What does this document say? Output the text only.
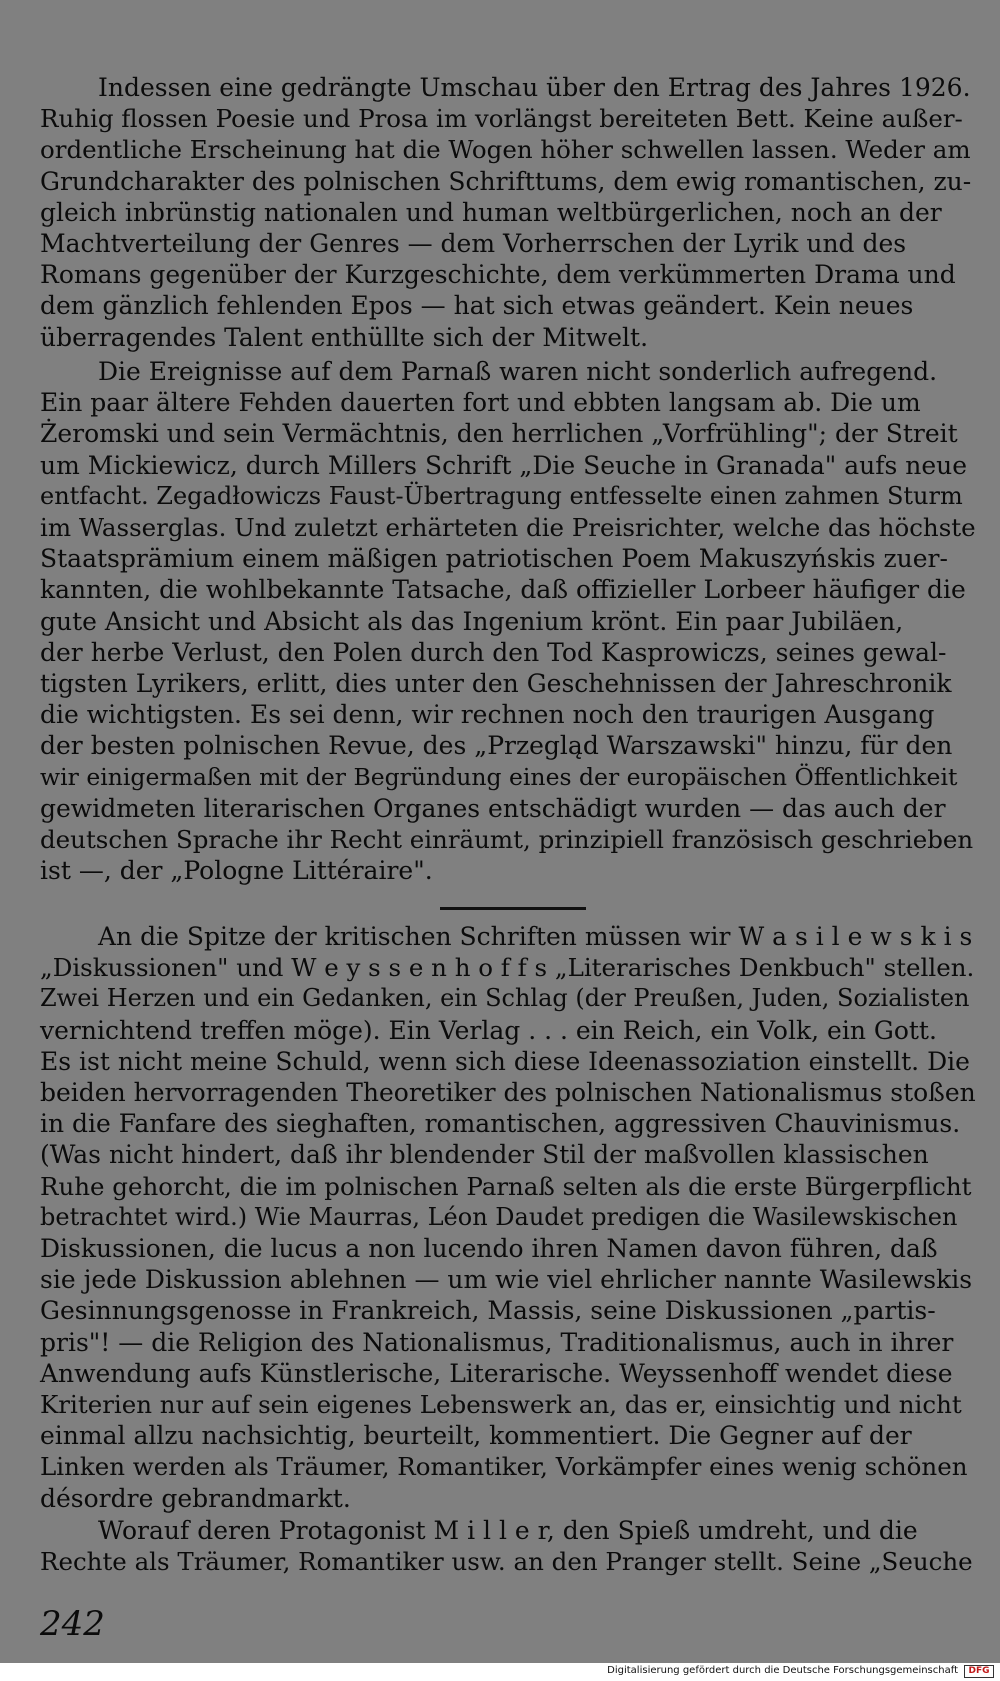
Indessen eine gedrängte Umschau über den Ertrag des Jahres 1926.
Ruhig flossen Poesie und Prosa im vorlängst bereiteten Bett. Keine außer-
ordentliche Erscheinung hat die Wogen höher schwellen lassen. Weder am
Grundcharakter des polnischen Schrifttums, dem ewig romantischen, zu-
gleich inbrünstig nationalen und human weltbürgerlichen, noch an der
Machtverteilung der Genres — dem Vorherrschen der Lyrik und des
Romans gegenüber der Kurzgeschichte, dem verkümmerten Drama und
dem gänzlich fehlenden Epos — hat sich etwas geändert. Kein neues
überragendes Talent enthüllte sich der Mitwelt.

Die Ereignisse auf dem Parnaß waren nicht sonderlich aufregend.
Ein paar ältere Fehden dauerten fort und ebbten langsam ab. Die um
Żeromski und sein Vermächtnis, den herrlichen „Vorfrühling"; der Streit
um Mickiewicz, durch Millers Schrift „Die Seuche in Granada" aufs neue
entfacht. Zegadłowiczs Faust-Übertragung entfesselte einen zahmen Sturm
im Wasserglas. Und zuletzt erhärteten die Preisrichter, welche das höchste
Staatsprämium einem mäßigen patriotischen Poem Makuszyńskis zuer-
kannten, die wohlbekannte Tatsache, daß offizieller Lorbeer häufiger die
gute Ansicht und Absicht als das Ingenium krönt. Ein paar Jubiläen,
der herbe Verlust, den Polen durch den Tod Kasprowiczs, seines gewal-
tigsten Lyrikers, erlitt, dies unter den Geschehnissen der Jahreschronik
die wichtigsten. Es sei denn, wir rechnen noch den traurigen Ausgang
der besten polnischen Revue, des „Przegląd Warszawski" hinzu, für den
wir einigermaßen mit der Begründung eines der europäischen Öffentlichkeit
gewidmeten literarischen Organes entschädigt wurden — das auch der
deutschen Sprache ihr Recht einräumt, prinzipiell französisch geschrieben
ist —, der „Pologne Littéraire".

An die Spitze der kritischen Schriften müssen wir W a s i l e w s k i s
„Diskussionen" und W e y s s e n h o f f s „Literarisches Denkbuch" stellen.
Zwei Herzen und ein Gedanken, ein Schlag (der Preußen, Juden, Sozialisten
vernichtend treffen möge). Ein Verlag . . . ein Reich, ein Volk, ein Gott.
Es ist nicht meine Schuld, wenn sich diese Ideenassoziation einstellt. Die
beiden hervorragenden Theoretiker des polnischen Nationalismus stoßen
in die Fanfare des sieghaften, romantischen, aggressiven Chauvinismus.
(Was nicht hindert, daß ihr blendender Stil der maßvollen klassischen
Ruhe gehorcht, die im polnischen Parnaß selten als die erste Bürgerpflicht
betrachtet wird.) Wie Maurras, Léon Daudet predigen die Wasilewskischen
Diskussionen, die lucus a non lucendo ihren Namen davon führen, daß
sie jede Diskussion ablehnen — um wie viel ehrlicher nannte Wasilewskis
Gesinnungsgenosse in Frankreich, Massis, seine Diskussionen „partis-
pris"! — die Religion des Nationalismus, Traditionalismus, auch in ihrer
Anwendung aufs Künstlerische, Literarische. Weyssenhoff wendet diese
Kriterien nur auf sein eigenes Lebenswerk an, das er, einsichtig und nicht
einmal allzu nachsichtig, beurteilt, kommentiert. Die Gegner auf der
Linken werden als Träumer, Romantiker, Vorkämpfer eines wenig schönen
désordre gebrandmarkt.

Worauf deren Protagonist M i l l e r, den Spieß umdreht, und die
Rechte als Träumer, Romantiker usw. an den Pranger stellt. Seine „Seuche

242
Digitalisierung gefördert durch die Deutsche Forschungsgemeinschaft	DFG
